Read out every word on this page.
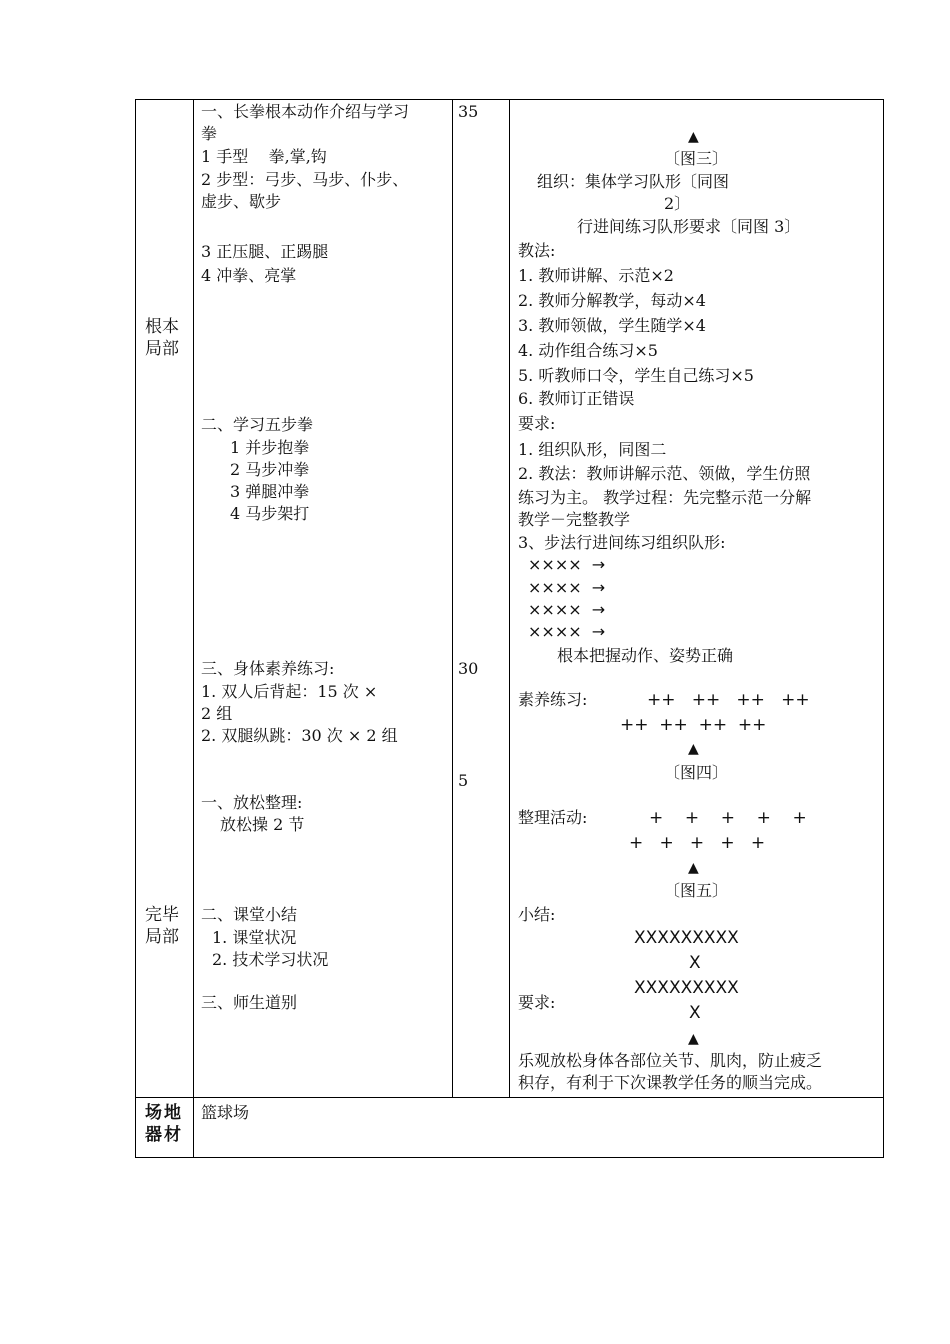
根本
局部
完毕
局部
场地
器材
篮球场
一、长拳根本动作介绍与学习
拳
1 手型    拳,掌,钩
2 步型：弓步、马步、仆步、
虚步、歇步
3 正压腿、正踢腿
4 冲拳、亮掌
二、学习五步拳
1 并步抱拳
2 马步冲拳
3 弹腿冲拳
4 马步架打
三、身体素养练习:
1. 双人后背起：15 次 ×
2 组
2. 双腿纵跳：30 次 × 2 组
一、放松整理:
放松操 2 节
二、课堂小结
1. 课堂状况
2. 技术学习状况
三、师生道别
35
30
5
▲
〔图三〕
组织：集体学习队形〔同图
2〕
行进间练习队形要求〔同图 3〕
教法:
1. 教师讲解、示范×2
2. 教师分解教学，每动×4
3. 教师领做，学生随学×4
4. 动作组合练习×5
5. 听教师口令，学生自己练习×5
6. 教师订正错误
要求:
1. 组织队形，同图二
2. 教法：教师讲解示范、领做，学生仿照
练习为主。 教学过程：先完整示范一分解
教学－完整教学
3、步法行进间练习组织队形:
××××  →
××××  →
××××  →
××××  →
根本把握动作、姿势正确
素养练习:	++   ++   ++   ++
++  ++  ++  ++
▲
〔图四〕
整理活动:	+    +    +    +    +
+   +   +   +   +
▲
〔图五〕
小结:
XXXXXXXXX
X
要求:
XXXXXXXXX
X
▲
乐观放松身体各部位关节、肌肉，防止疲乏
积存，有利于下次课教学任务的顺当完成。
